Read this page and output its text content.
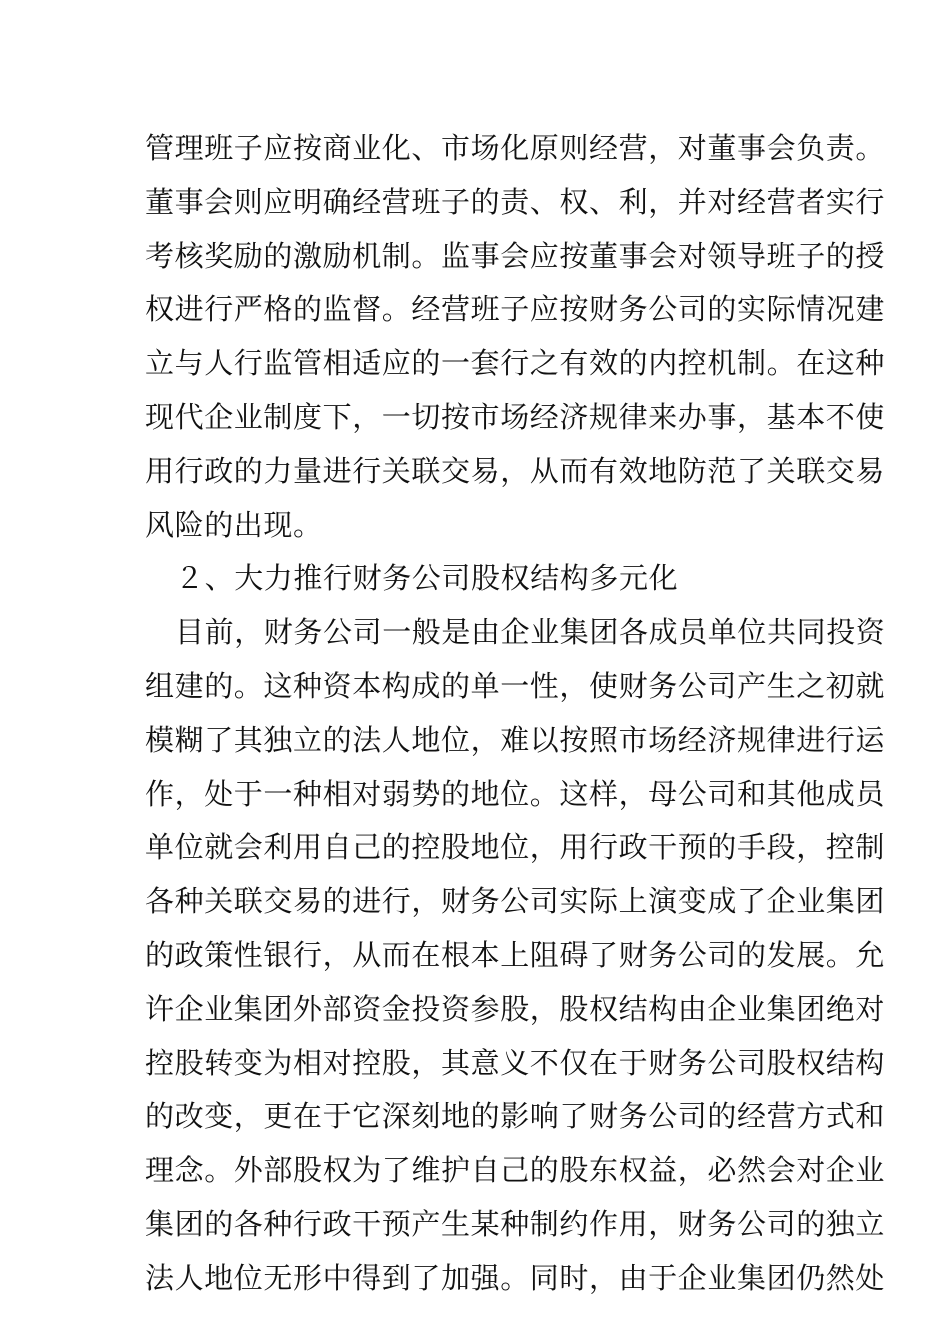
管理班子应按商业化、市场化原则经营，对董事会负责。
董事会则应明确经营班子的责、权、利，并对经营者实行
考核奖励的激励机制。监事会应按董事会对领导班子的授
权进行严格的监督。经营班子应按财务公司的实际情况建
立与人行监管相适应的一套行之有效的内控机制。在这种
现代企业制度下，一切按市场经济规律来办事，基本不使
用行政的力量进行关联交易，从而有效地防范了关联交易
风险的出现。
２、大力推行财务公司股权结构多元化
目前，财务公司一般是由企业集团各成员单位共同投资
组建的。这种资本构成的单一性，使财务公司产生之初就
模糊了其独立的法人地位，难以按照市场经济规律进行运
作，处于一种相对弱势的地位。这样，母公司和其他成员
单位就会利用自己的控股地位，用行政干预的手段，控制
各种关联交易的进行，财务公司实际上演变成了企业集团
的政策性银行，从而在根本上阻碍了财务公司的发展。允
许企业集团外部资金投资参股，股权结构由企业集团绝对
控股转变为相对控股，其意义不仅在于财务公司股权结构
的改变，更在于它深刻地的影响了财务公司的经营方式和
理念。外部股权为了维护自己的股东权益，必然会对企业
集团的各种行政干预产生某种制约作用，财务公司的独立
法人地位无形中得到了加强。同时，由于企业集团仍然处
